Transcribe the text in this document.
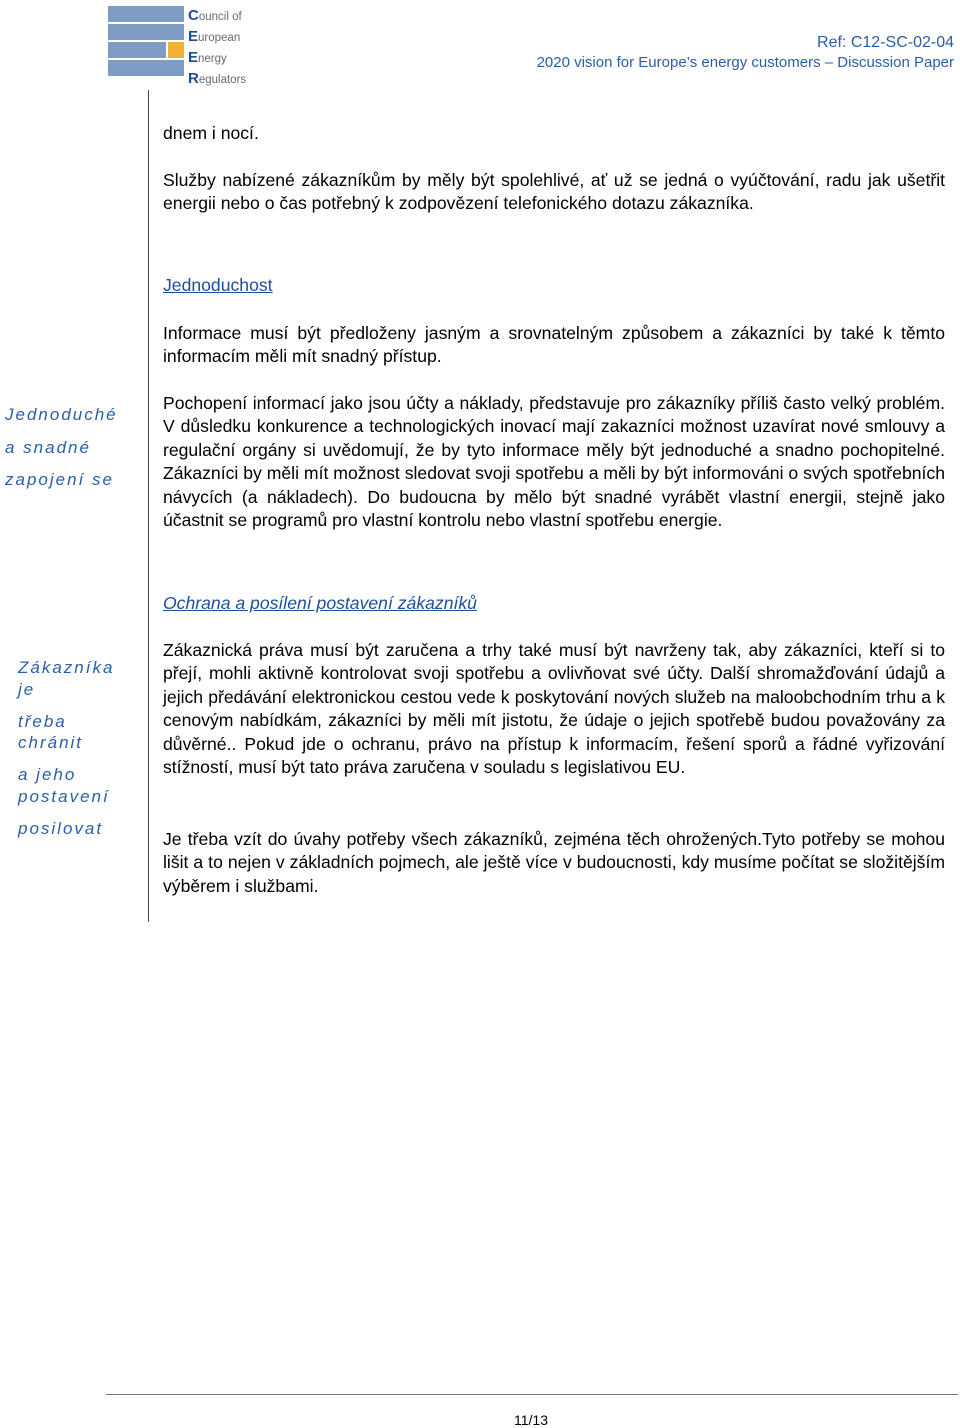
Council of
European
Energy
Regulators
Ref: C12-SC-02-04
2020 vision for Europe’s energy customers – Discussion Paper
Jednoduché
a snadné
zapojení se
Zákazníka
je
třeba
chránit
a jeho
postavení
posilovat
dnem i nocí.
Služby nabízené zákazníkům by měly být spolehlivé, ať už se jedná o vyúčtování, radu jak ušetřit energii nebo o čas potřebný k zodpovězení telefonického dotazu zákazníka.
Jednoduchost
Informace musí být předloženy jasným a srovnatelným způsobem a zákazníci by také k těmto informacím měli mít snadný přístup.
Pochopení informací jako jsou účty a náklady, představuje pro zákazníky příliš často velký problém. V důsledku konkurence a technologických inovací mají zakazníci možnost uzavírat nové smlouvy a regulační orgány si uvědomují, že by tyto informace měly být jednoduché a snadno pochopitelné. Zákazníci by měli mít možnost sledovat svoji spotřebu a měli by být informováni o svých spotřebních návycích (a nákladech). Do budoucna by mělo být snadné vyrábět vlastní energii, stejně jako účastnit se programů pro vlastní kontrolu nebo vlastní spotřebu energie.
Ochrana a posílení postavení zákazníků
Zákaznická práva musí být zaručena a trhy také musí být navrženy tak, aby zákazníci, kteří si to přejí, mohli aktivně kontrolovat svoji spotřebu a ovlivňovat své účty. Další shromažďování údajů a jejich předávání elektronickou cestou vede k poskytování nových služeb na maloobchodním trhu a k cenovým nabídkám, zákazníci by měli mít jistotu, že údaje o jejich spotřebě budou považovány za důvěrné.. Pokud jde o ochranu, právo na přístup k informacím, řešení sporů a řádné vyřizování stížností, musí být tato práva zaručena v souladu s legislativou EU.
Je třeba vzít do úvahy potřeby všech zákazníků, zejména těch ohrožených.Tyto potřeby se mohou lišit a to nejen v základních pojmech, ale ještě více v budoucnosti, kdy musíme počítat se složitějším výběrem i službami.
11/13
